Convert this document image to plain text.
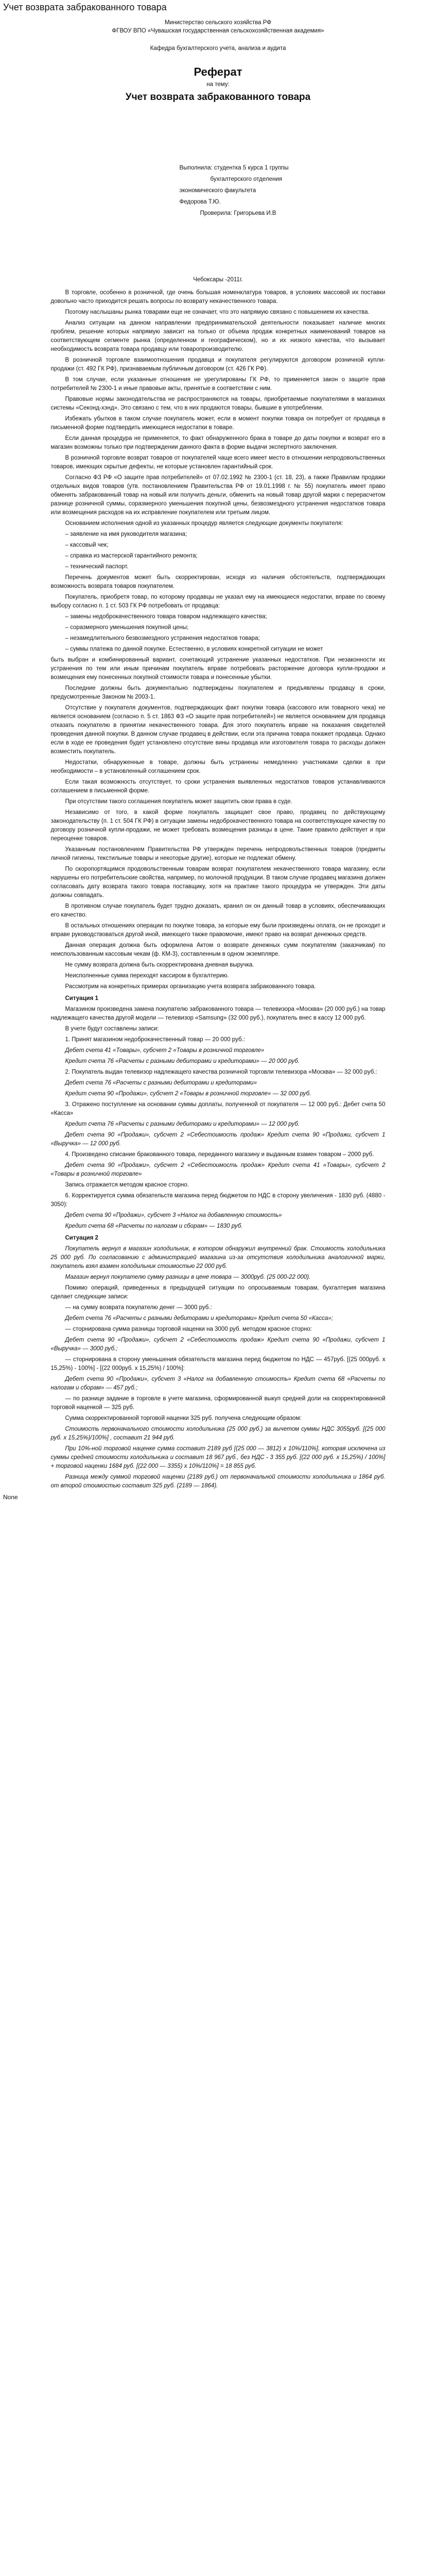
Учет возврата забракованного товара

Министерство сельского хозяйства РФ

ФГВОУ ВПО «Чувашская государственная сельскохозяйственная академия»

Кафедра бухгалтерского учета, анализа и аудита

Реферат
на тему:
Учет возврата забракованного товара
Выполнила: студентка 5 курса 1 группы
бухгалтерского отделения
экономического факультета
Федорова Т.Ю.
Проверила: Григорьева И.В
Чебоксары -2011г.

В торговле, особенно в розничной, где очень большая номенклатура товаров, в условиях массовой их поставки довольно часто приходится решать вопросы по возврату некачественного товара.

Поэтому наслышаны рынка товарами еще не означает, что это напрямую связано с повышением их качества.

Анализ ситуации на данном направлении предпринимательской деятельности показывает наличие многих проблем, решение которых напрямую зависит на только от объема продаж конкретных наименований товаров на соответствующем сегменте рынка (определенном и географическом), но и их низкого качества, что вызывает необходимость возврата товара продавцу или товаропроизводителю.

В розничной торговле взаимоотношения продавца и покупателя регулируются договором розничной купли-продажи (ст. 492 ГК РФ), признаваемым публичным договором (ст. 426 ГК РФ).

В том случае, если указанные отношения не урегулированы ГК РФ, то применяется закон о защите прав потребителей № 2300-1 и иные правовые акты, принятые в соответствии с ним.

Правовые нормы законодательства не распространяются на товары, приобретаемые покупателями в магазинах системы «Секонд-хэнд». Это связано с тем, что в них продаются товары, бывшие в употреблении.

Избежать убытков в таком случае покупатель может, если в момент покупки товара он потребует от продавца в письменной форме подтвердить имеющиеся недостатки в товаре.

Если данная процедура не применяется, то факт обнаруженного брака в товаре до даты покупки и возврат его в магазин возможны только при подтверждении данного факта в форме выдачи экспертного заключения.

В розничной торговле возврат товаров от покупателей чаще всего имеет место в отношении непродовольственных товаров, имеющих скрытые дефекты, не которые установлен гарантийный срок.

Согласно ФЗ РФ «О защите прав потребителей» от 07.02.1992 № 2300-1 (ст. 18, 23), а также Правилам продажи отдельных видов товаров (утв. постановлением Правительства РФ от 19.01.1998 г. № 55) покупатель имеет право обменять забракованный товар на новый или получить деньги, обменить на новый товар другой марки с перерасчетом разнице розничной суммы, соразмерного уменьшения покупной цены, безвозмездного устранения недостатков товара или возмещения расходов на их исправление покупателем или третьим лицом.

Основанием исполнения одной из указанных процедур является следующие документы покупателя:

– заявление на имя руководителя магазина;

– кассовый чек;

– справка из мастерской гарантийного ремонта;

– технический паспорт.

Перечень документов может быть скорректирован, исходя из наличия обстоятельств, подтверждающих возможность возврата товаров покупателем.

Покупатель, приобретя товар, по которому продавцы не указал ему на имеющиеся недостатки, вправе по своему выбору согласно п. 1 ст. 503 ГК РФ потребовать от продавца:

– замены недоброкачественного товара товаром надлежащего качества;

– соразмерного уменьшения покупной цены;

– незамедлительного безвозмездного устранения недостатков товара;

– суммы платежа по данной покупке. Естественно, в условиях конкретной ситуации не может

быть выбран и комбинированный вариант, сочетающий устранение указанных недостатков. При незаконности их устранения по тем или иным причинам покупатель вправе потребовать расторжение договора купли-продажи и возмещения ему понесенных покупной стоимости товара и понесенные убытки.

Последние должны быть документально подтверждены покупателем и предъявлены продавцу в сроки, предусмотренные Законом № 2003-1.

Отсутствие у покупателя документов, подтверждающих факт покупки товара (кассового или товарного чека) не является основанием (согласно п. 5 ст. 1863 ФЗ «О защите прав потребителей») не является основанием для продавца отказать покупателю в принятии некачественного товара. Для этого покупатель вправе на показания свидетелей проведения данной покупки. В данном случае продавец в действии, если эта причина товара покажет продавца. Однако если в ходе ее проведения будет установлено отсутствие вины продавца или изготовителя товара то расходы должен возместить покупатель.

Недостатки, обнаруженные в товаре, должны быть устранены немедленно участниками сделки в при необходимости – в установленный соглашением срок.

Если такая возможность отсутствует, то сроки устранения выявленных недостатков товаров устанавливаются соглашением в письменной форме.

При отсутствии такого соглашения покупатель может защитить свои права в суде.

Независимо от того, в какой форме покупатель защищает свое право, продавец по действующему законодательству (п. 1 ст. 504 ГК РФ) в ситуации замены недоброкачественного товара на соответствующее качеству по договору розничной купли-продажи, не может требовать возмещения разницы в цене. Такие правило действует и при переоценке товаров.

Указанным постановлением Правительства РФ утвержден перечень непродовольственных товаров (предметы личной гигиены, текстильные товары и некоторые другие), которые не подлежат обмену.

По скоропортящимся продовольственным товарам возврат покупателем некачественного товара магазину, если нарушены его потребительские свойства, например, по молочной продукции. В таком случае продавец магазина должен согласовать дату возврата такого товара поставщику, хотя на практике такого процедура не утвержден. Эти даты должны совпадать.

В противном случае покупатель будет трудно доказать, кранил он он данный товар в условиях, обеспечивающих его качество.

В остальных отношениях операции по покупке товара, за которые ему были произведены оплата, он не проходит и вправе руководствоваться другой иной, имеющего также правомочие, имеют право на возврат денежных средств.

Данная операция должна быть оформлена Актом о возврате денежных сумм покупателям (заказчикам) по неиспользованным кассовым чекам (ф. КМ-3), составленным в одном экземпляре.

Не сумму возврата должна быть скорректирована дневная выручка.

Неисполненные сумма переходят кассиром в бухгалтерию.

Рассмотрим на конкретных примерах организацию учета возврата забракованного товара.

Ситуация 1

Магазином произведена замена покупателю забракованного товара — телевизора «Москва» (20 000 руб.) на товар надлежащего качества другой модели — телевизор «Samsung» (32 000 руб.), покупатель внес в кассу 12 000 руб.

В учете будут составлены записи:

1. Принят магазином недоброкачественный товар — 20 000 руб.:

Дебет счета 41 «Товары», субсчет 2 «Товары в розничной торговле»

Кредит счета 76 «Расчеты с разными дебиторами и кредиторами» — 20 000 руб.

2. Покупатель выдан телевизор надлежащего качества розничной торговли телевизора «Москва» — 32 000 руб.:

Дебет счета 76 «Расчеты с разными дебиторами и кредиторами»

Кредит счета 90 «Продажи», субсчет 2 «Товары в розничной торговле» — 32 000 руб.

3. Отражено поступление на основании суммы доплаты, полученной от покупателя — 12 000 руб.: Дебет счета 50 «Касса»

Кредит счета 76 «Расчеты с разными дебиторами и кредиторами» — 12 000 руб.

Дебет счета 90 «Продажи», субсчет 2 «Себестоимость продаж» Кредит счета 90 «Продажи, субсчет 1 «Выручка» — 12 000 руб.

4. Произведено списание бракованного товара, переданного магазину и выданным взамен товаром – 2000 руб.

Дебет счета 90 «Продажи», субсчет 2 «Себестоимость продаж» Кредит счета 41 «Товары», субсчет 2 «Товары в розничной торговле»

Запись отражается методом красное сторно.

6. Корректируется сумма обязательств магазина перед бюджетом по НДС в сторону увеличения - 1830 руб. (4880 - 3050):

Дебет счета 90 «Продажи», субсчет 3 «Налог на добавленную стоимость»

Кредит счета 68 «Расчеты по налогам и сборам» — 1830 руб.

Ситуация 2

Покупатель вернул в магазин холодильник, в котором обнаружил внутренний брак. Стоимость холодильника 25 000 руб. По согласованию с администрацией магазина из-за отсутствия холодильника аналогичной марки, покупатель взял взамен холодильник стоимостью 22 000 руб.

Магазин вернул покупателю сумму разницы в цене товара — 3000руб. (25 000-22 000).

Помимо операций, приведенных в предыдущей ситуации по опросываемым товарам, бухгалтерия магазина сделает следующие записи:

— на сумму возврата покупателю денег — 3000 руб.:

Дебет счета 76 «Расчеты с разными дебиторами и кредиторами» Кредит счета 50 «Касса»;

— сторнирована сумма разницы торговой наценки на 3000 руб. методом красное сторно:

Дебет счета 90 «Продажи», субсчет 2 «Себестоимость продаж» Кредит счета 90 «Продажи, субсчет 1 «Выручка» — 3000 руб.;

— сторнирована в сторону уменьшения обязательств магазина перед бюджетом по НДС — 457руб. [(25 000руб. х 15,25%) - 100%] - [(22 000руб. х 15,25%) / 100%]:

Дебет счета 90 «Продажи», субсчет 3 «Налог на добавленную стоимость» Кредит счета 68 «Расчеты по налогам и сборам» — 457 руб.;

— по разнице задание в торговле в учете магазина, сформированной выкуп средней доли на скорректированной торговой наценкой — 325 руб.

Сумма скорректированной торговой наценки 325 руб. получена следующим образом:

Стоимость первоначального стоимости холодильника (25 000 руб.) за вычетом суммы НДС 3055руб. [(25 000 руб. х 15,25%)/100%] , составит 21 944 руб.

При 10%-ной торговой наценке сумма составит 2189 руб [(25 000 — 3812) х 10%/110%], которая исключена из суммы средней стоимости холодильника и составит 18 967 руб., без НДС - 3 355 руб. [(22 000 руб. х 15,25%) / 100%] + торговой наценки 1684 руб. [(22 000 — 3355) х 10%/110%] = 18 855 руб.

Разница между суммой торговой наценки (2189 руб.) от первоначальной стоимости холодильника и 1864 руб. от второй стоимостью составит 325 руб. (2189 — 1864).

None
